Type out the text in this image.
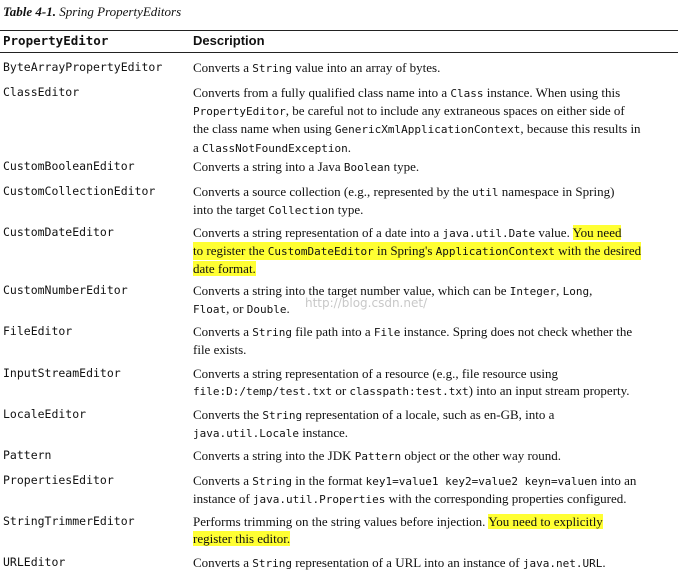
Table 4-1. Spring PropertyEditors
PropertyEditor	Description
ByteArrayPropertyEditor Converts a String value into an array of bytes.
ClassEditor	Converts from a fully qualified class name into a Class instance. When using this
PropertyEditor, be careful not to include any extraneous spaces on either side of
the class name when using GenericXmlApplicationContext, because this results in
a ClassNotFoundException.
CustomBooleanEditor	Converts a string into a Java Boolean type.
CustomCollectionEditor	Converts a source collection (e.g., represented by the util namespace in Spring)
into the target Collection type.
CustomDateEditor	Converts a string representation of a date into a java.util.Date value. You need
to register the CustomDateEditor in Spring's ApplicationContext with the desired
date format.
CustomNumberEditor	Converts a string into the target number value, which can be Integer, Long,
Float, or Double.
FileEditor	Converts a String file path into a File instance. Spring does not check whether the
file exists.
InputStreamEditor	Converts a string representation of a resource (e.g., file resource using
file:D:/temp/test.txt or classpath:test.txt) into an input stream property.
LocaleEditor	Converts the String representation of a locale, such as en-GB, into a
java.util.Locale instance.
Pattern	Converts a string into the JDK Pattern object or the other way round.
PropertiesEditor	Converts a String in the format key1=value1 key2=value2 keyn=valuen into an
instance of java.util.Properties with the corresponding properties configured.
StringTrimmerEditor	Performs trimming on the string values before injection. You need to explicitly
register this editor.
URLEditor	Converts a String representation of a URL into an instance of java.net.URL.
http://blog.csdn.net/
